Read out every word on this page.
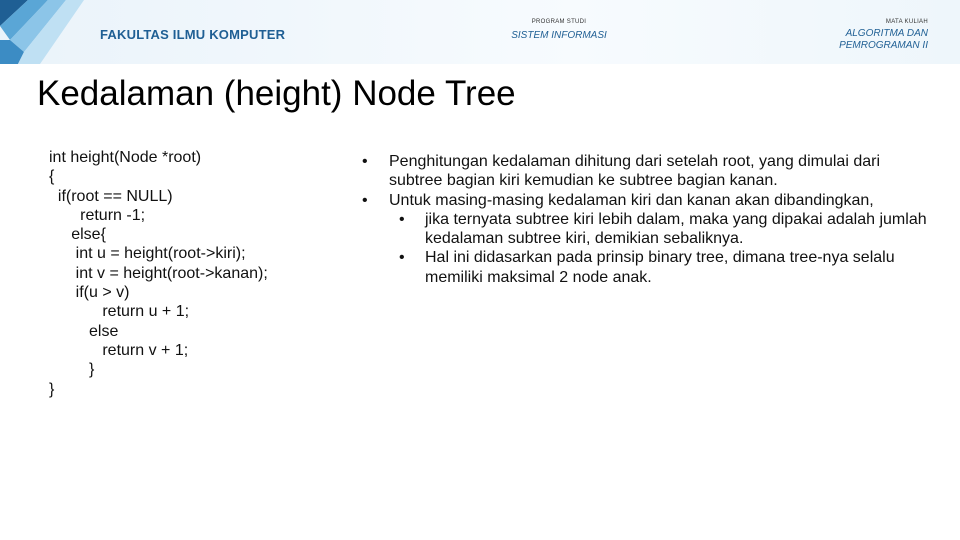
FAKULTAS ILMU KOMPUTER
PROGRAM STUDI
SISTEM INFORMASI
MATA KULIAH
ALGORITMA DAN
PEMROGRAMAN II
Kedalaman (height) Node Tree
int height(Node *root)
{
if(root == NULL)
return -1;
else{
int u = height(root->kiri);
int v = height(root->kanan);
if(u > v)
return u + 1;
else
return v + 1;
}
}
• Penghitungan kedalaman dihitung dari setelah root, yang dimulai dari subtree bagian kiri kemudian ke subtree bagian kanan.
• Untuk masing-masing kedalaman kiri dan kanan akan dibandingkan,
• jika ternyata subtree kiri lebih dalam, maka yang dipakai adalah jumlah kedalaman subtree kiri, demikian sebaliknya.
• Hal ini didasarkan pada prinsip binary tree, dimana tree-nya selalu memiliki maksimal 2 node anak.
